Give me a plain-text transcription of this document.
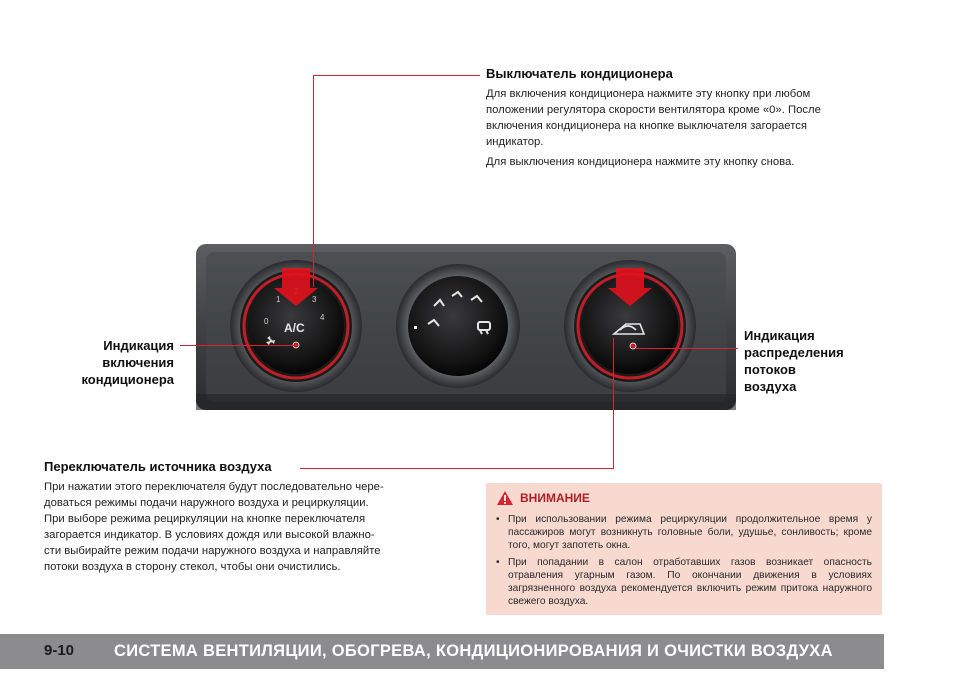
Выключатель кондиционера
Для включения кондиционера нажмите эту кнопку при любом
положении регулятора скорости вентилятора кроме «0». После
включения кондиционера на кнопке выключателя загорается
индикатор.
Для выключения кондиционера нажмите эту кнопку снова.
0
1	3
4
A/C
Индикация
включения
кондиционера
Индикация
распределения
потоков
воздуха
Переключатель источника воздуха
При нажатии этого переключателя будут последовательно чере-
доваться режимы подачи наружного воздуха и рециркуляции.
При выборе режима рециркуляции на кнопке переключателя
загорается индикатор. В условиях дождя или высокой влажно-
сти выбирайте режим подачи наружного воздуха и направляйте
потоки воздуха в сторону стекол, чтобы они очистились.
ВНИМАНИЕ
• При использовании режима рециркуляции продолжительное время у пассажиров могут возникнуть головные боли, удушье, сонливость; кроме того, могут запотеть окна.
• При попадании в салон отработавших газов возникает опасность отравления угарным газом. По окончании движения в условиях загрязненного воздуха рекомендуется включить режим притока наружного свежего воздуха.
9-10 СИСТЕМА ВЕНТИЛЯЦИИ, ОБОГРЕВА, КОНДИЦИОНИРОВАНИЯ И ОЧИСТКИ ВОЗДУХА
